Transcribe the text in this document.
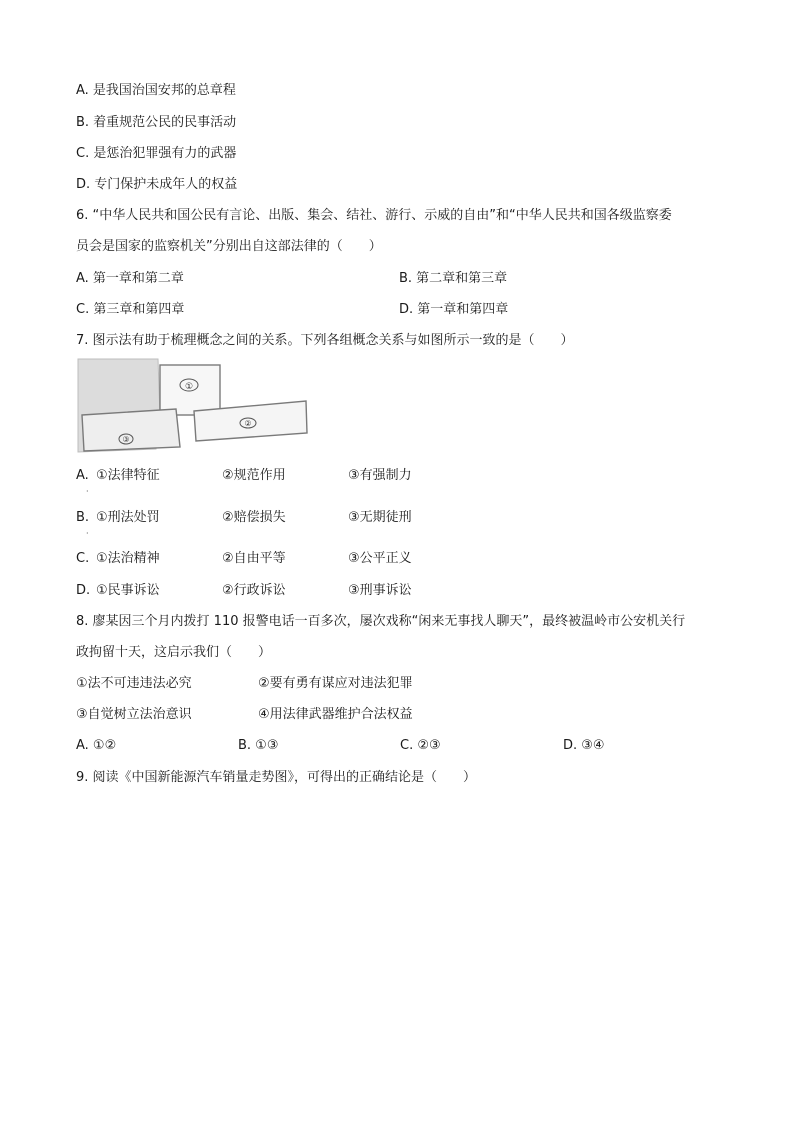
A. 是我国治国安邦的总章程
B. 着重规范公民的民事活动
C. 是惩治犯罪强有力的武器
D. 专门保护未成年人的权益
6. “中华人民共和国公民有言论、出版、集会、结社、游行、示威的自由”和“中华人民共和国各级监察委
员会是国家的监察机关”分别出自这部法律的（　　）
A. 第一章和第二章	B. 第二章和第三章
C. 第三章和第四章	D. 第一章和第四章
7. 图示法有助于梳理概念之间的关系。下列各组概念关系与如图所示一致的是（　　）
①
③
②
A. ①法律特征	②规范作用	③有强制力
·
B. ①刑法处罚	②赔偿损失	③无期徒刑
·
C. ①法治精神	②自由平等	③公平正义
D. ①民事诉讼	②行政诉讼	③刑事诉讼
8. 廖某因三个月内拨打 110 报警电话一百多次，屡次戏称“闲来无事找人聊天”，最终被温岭市公安机关行
政拘留十天，这启示我们（　　）
①法不可违违法必究	②要有勇有谋应对违法犯罪
③自觉树立法治意识	④用法律武器维护合法权益
A. ①②	B. ①③	C. ②③	D. ③④
9. 阅读《中国新能源汽车销量走势图》，可得出的正确结论是（　　）
